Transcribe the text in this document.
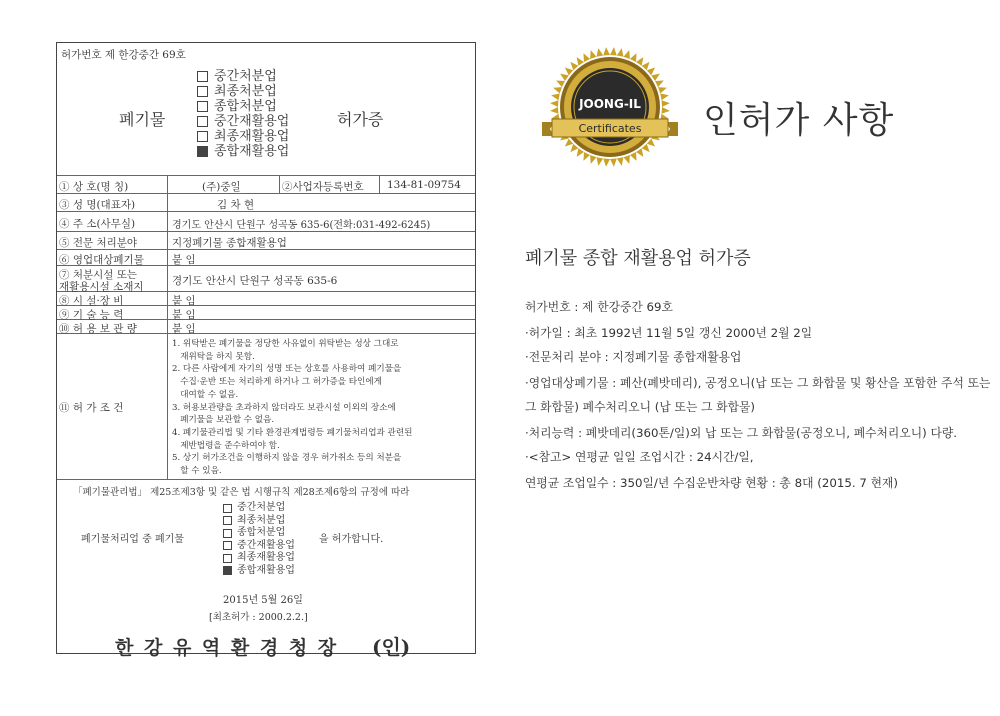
허가번호 제 한강중간 69호
폐기물	허가증
중간처분업
최종처분업
종합처분업
중간재활용업
최종재활용업
종합재활용업
① 상 호(명 칭)	(주)중일	②사업자등록번호 134-81-09754
③ 성 명(대표자)	김 차 현
④ 주 소(사무실)	경기도 안산시 단원구 성곡동 635-6(전화:031-492-6245)
⑤ 전문 처리분야	지정폐기물 종합재활용업
⑥ 영업대상폐기물	붙 임
⑦ 처분시설 또는
재활용시설 소재지	경기도 안산시 단원구 성곡동 635-6
⑧ 시 설·장 비	붙 임
⑨ 기 술 능 력	붙 임
⑩ 허 용 보 관 량	붙 임
⑪ 허 가 조 건
1. 위탁받은 폐기물을 정당한 사유없이 위탁받는 성상 그대로
재위탁을 하지 못함.
2. 다른 사람에게 자기의 성명 또는 상호를 사용하여 폐기물을
수집·운반 또는 처리하게 하거나 그 허가증을 타인에게
대여할 수 없음.
3. 허용보관량을 초과하지 않더라도 보관시설 이외의 장소에
폐기물을 보관할 수 없음.
4. 폐기물관리법 및 기타 환경관계법령등 폐기물처리업과 관련된
제반법령을 준수하여야 함.
5. 상기 허가조건을 이행하지 않을 경우 허가취소 등의 처분을
할 수 있음.
「폐기물관리법」 제25조제3항 및 같은 법 시행규칙 제28조제6항의 규정에 따라
폐기물처리업 중 폐기물
중간처분업
최종처분업
종합처분업
중간재활용업
최종재활용업
종합재활용업
을 허가합니다.
2015년 5월 26일
[최초허가 : 2000.2.2.]
한 강 유 역 환 경 청 장 (인)
JOONG-IL
Certificates 인허가 사항
폐기물 종합 재활용업 허가증
허가번호 : 제 한강중간 69호
·허가일 : 최초 1992년 11월 5일 갱신 2000년 2월 2일
·전문처리 분야 : 지정폐기물 종합재활용업
·영업대상폐기물 : 폐산(폐밧데리), 공정오니(납 또는 그 화합물 및 황산을 포함한 주석 또는
그 화합물) 폐수처리오니 (납 또는 그 화합물)
·처리능력 : 폐밧데리(360톤/일)외 납 또는 그 화합물(공정오니, 폐수처리오니) 다량.
·<참고> 연평균 일일 조업시간 : 24시간/일,
연평균 조업일수 : 350일/년 수집운반차량 현황 : 총 8대 (2015. 7 현재)
